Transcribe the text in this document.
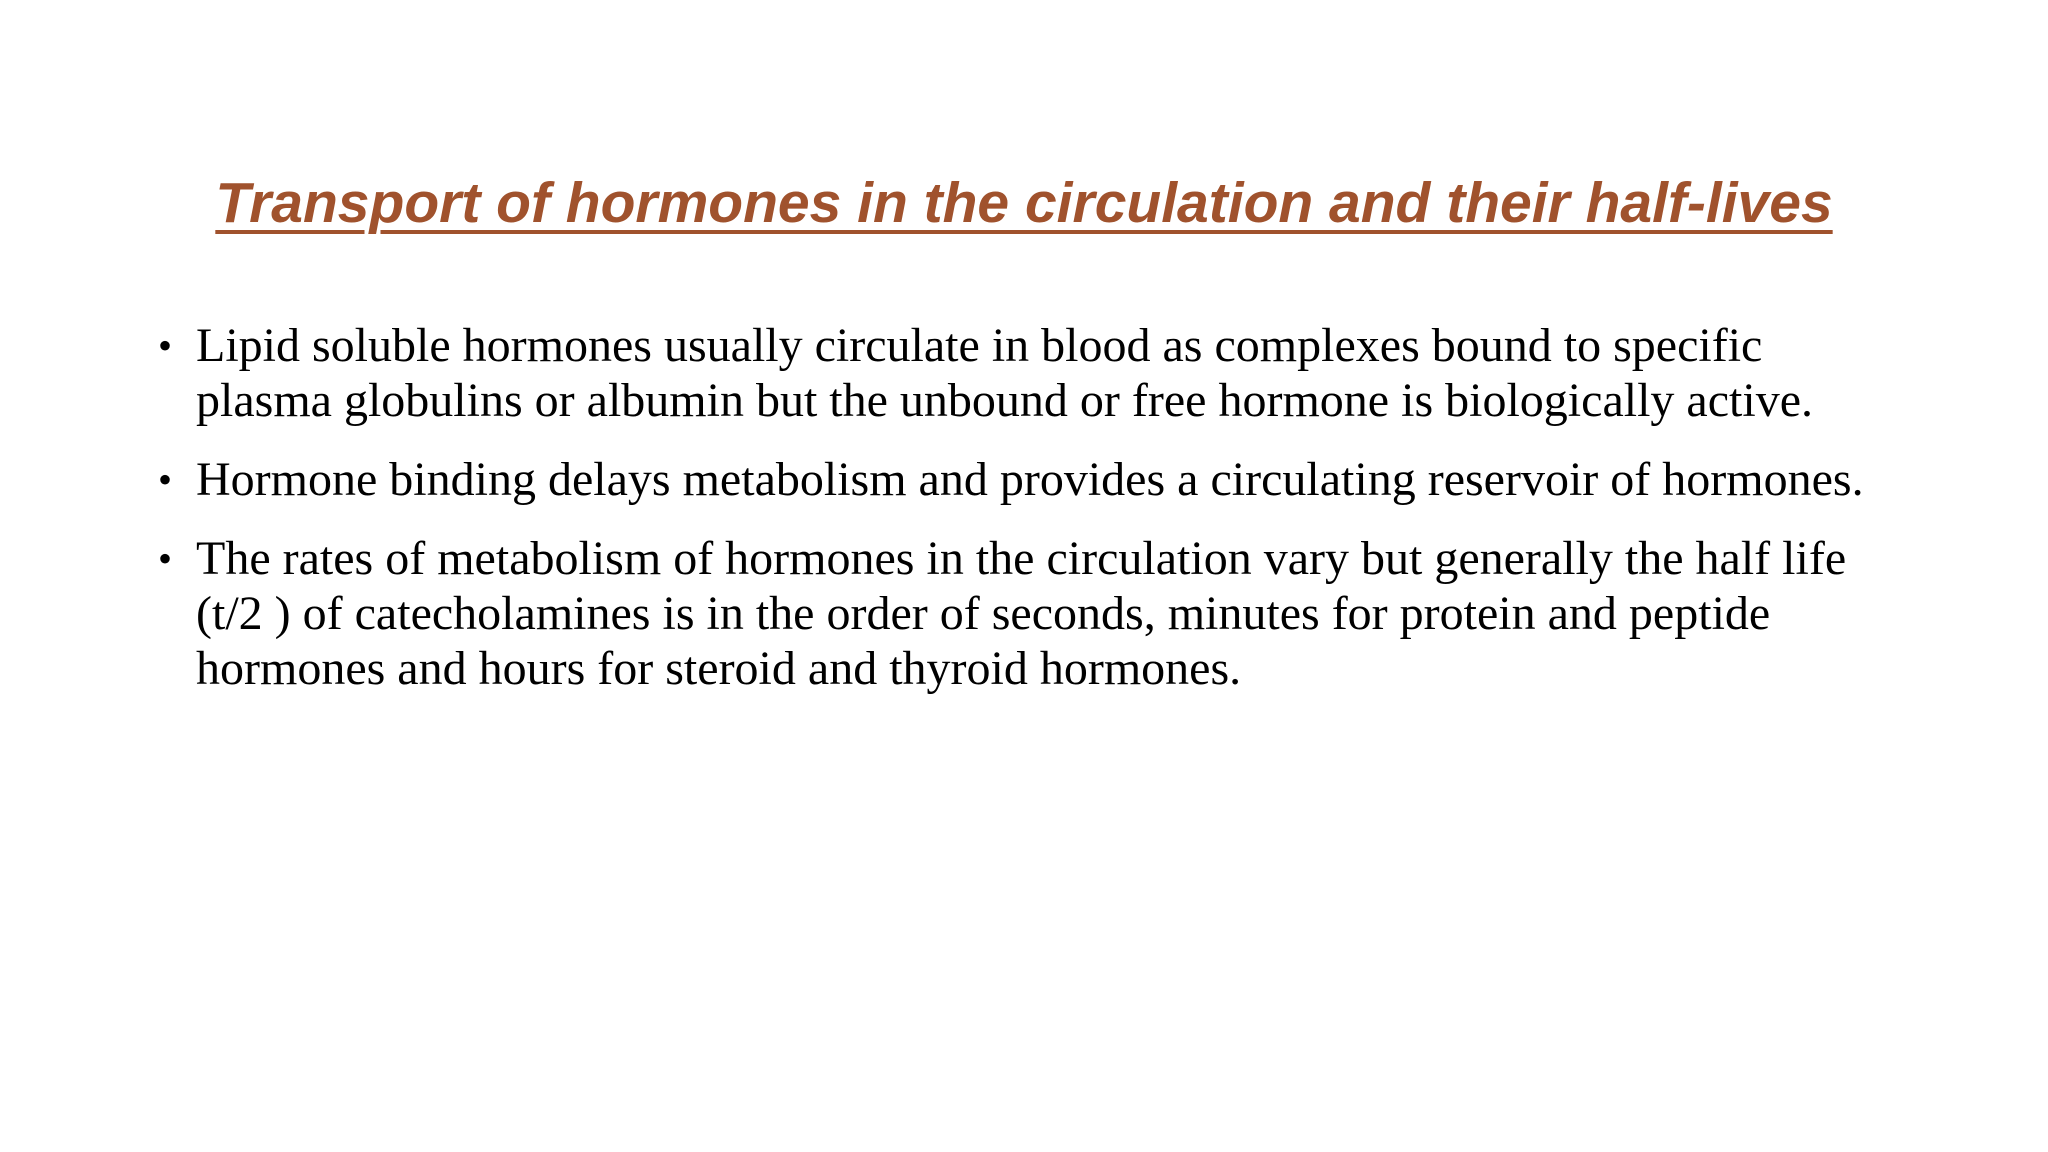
Transport of hormones in the circulation and their half-lives
• Lipid soluble hormones usually circulate in blood as complexes bound to specific plasma globulins or albumin but the unbound or free hormone is biologically active.
• Hormone binding delays metabolism and provides a circulating reservoir of hormones.
• The rates of metabolism of hormones in the circulation vary but generally the half life (t/2 ) of catecholamines is in the order of seconds, minutes for protein and peptide hormones and hours for steroid and thyroid hormones.
